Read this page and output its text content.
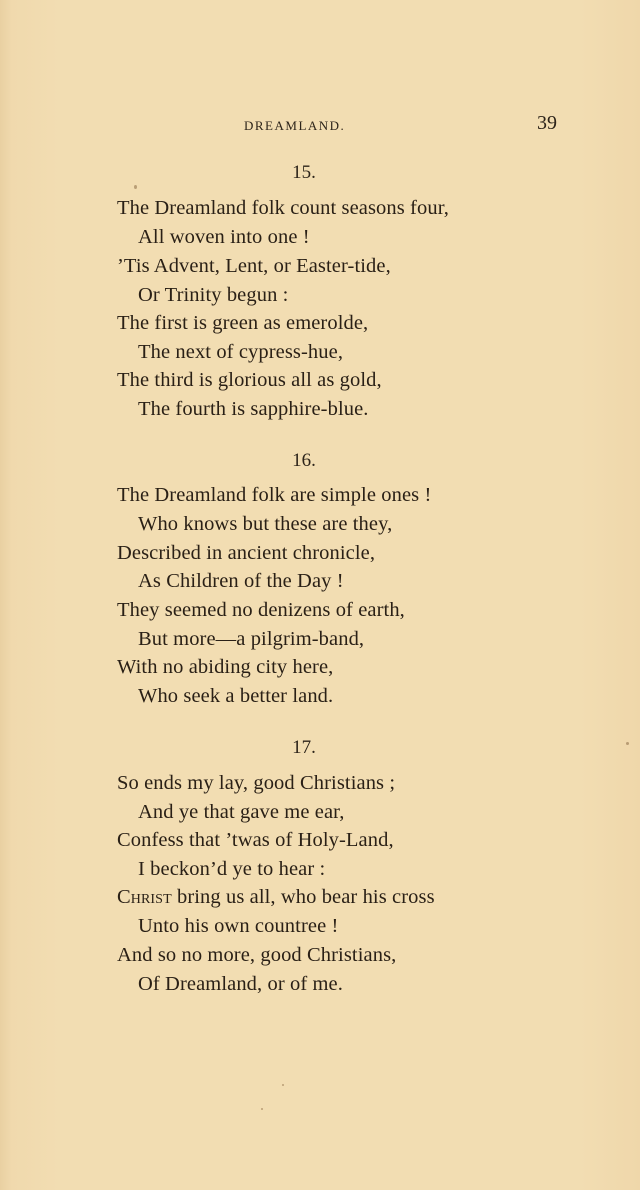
DREAMLAND.	39
15.
The Dreamland folk count seasons four,
All woven into one !
’Tis Advent, Lent, or Easter-tide,
Or Trinity begun :
The first is green as emerolde,
The next of cypress-hue,
The third is glorious all as gold,
The fourth is sapphire-blue.
16.
The Dreamland folk are simple ones !
Who knows but these are they,
Described in ancient chronicle,
As Children of the Day !
They seemed no denizens of earth,
But more—a pilgrim-band,
With no abiding city here,
Who seek a better land.
17.
So ends my lay, good Christians ;
And ye that gave me ear,
Confess that ’twas of Holy-Land,
I beckon’d ye to hear :
Christ bring us all, who bear his cross
Unto his own countree !
And so no more, good Christians,
Of Dreamland, or of me.
